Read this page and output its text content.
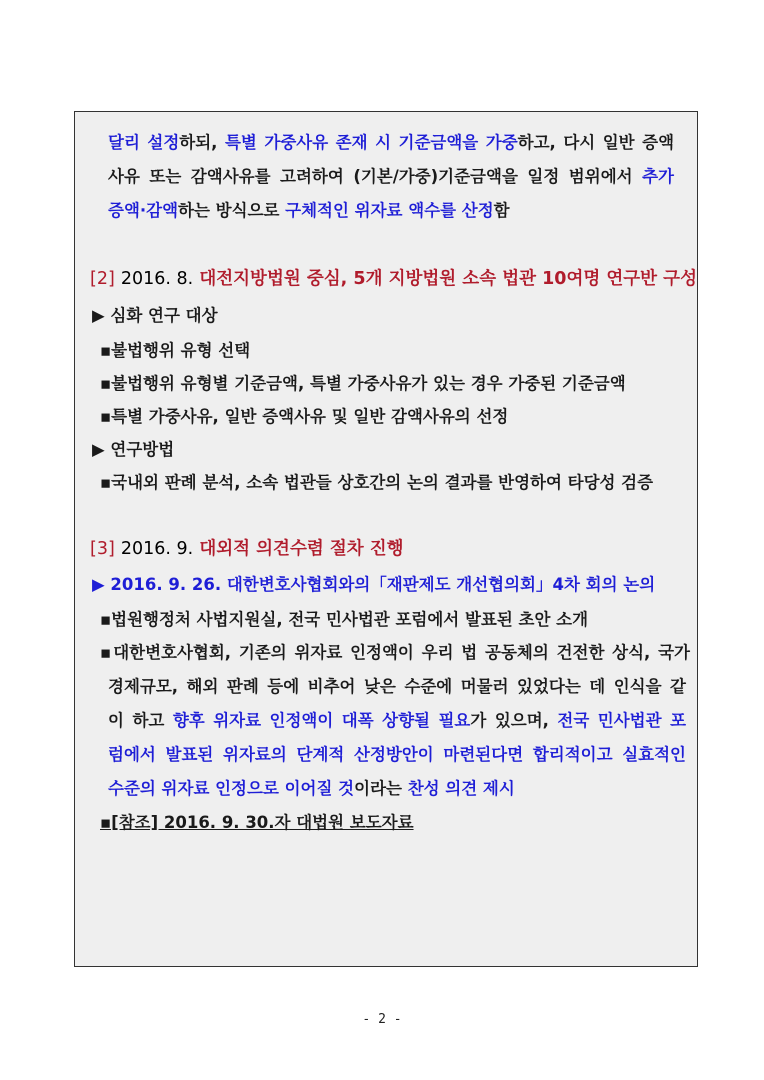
달리 설정하되, 특별 가중사유 존재 시 기준금액을 가중하고, 다시 일반 증액
사유 또는 감액사유를 고려하여 (기본/가중)기준금액을 일정 범위에서 추가
증액·감액하는 방식으로 구체적인 위자료 액수를 산정함
[2] 2016. 8. 대전지방법원 중심, 5개 지방법원 소속 법관 10여명 연구반 구성
▶ 심화 연구 대상
▪불법행위 유형 선택
▪불법행위 유형별 기준금액, 특별 가중사유가 있는 경우 가중된 기준금액
▪특별 가중사유, 일반 증액사유 및 일반 감액사유의 선정
▶ 연구방법
▪국내외 판례 분석, 소속 법관들 상호간의 논의 결과를 반영하여 타당성 검증
[3] 2016. 9. 대외적 의견수렴 절차 진행
▶ 2016. 9. 26. 대한변호사협회와의「재판제도 개선협의회」4차 회의 논의
▪법원행정처 사법지원실, 전국 민사법관 포럼에서 발표된 초안 소개
▪대한변호사협회, 기존의 위자료 인정액이 우리 법 공동체의 건전한 상식, 국가
경제규모, 해외 판례 등에 비추어 낮은 수준에 머물러 있었다는 데 인식을 같
이 하고 향후 위자료 인정액이 대폭 상향될 필요가 있으며, 전국 민사법관 포
럼에서 발표된 위자료의 단계적 산정방안이 마련된다면 합리적이고 실효적인
수준의 위자료 인정으로 이어질 것이라는 찬성 의견 제시
▪[참조] 2016. 9. 30.자 대법원 보도자료
- 2 -
